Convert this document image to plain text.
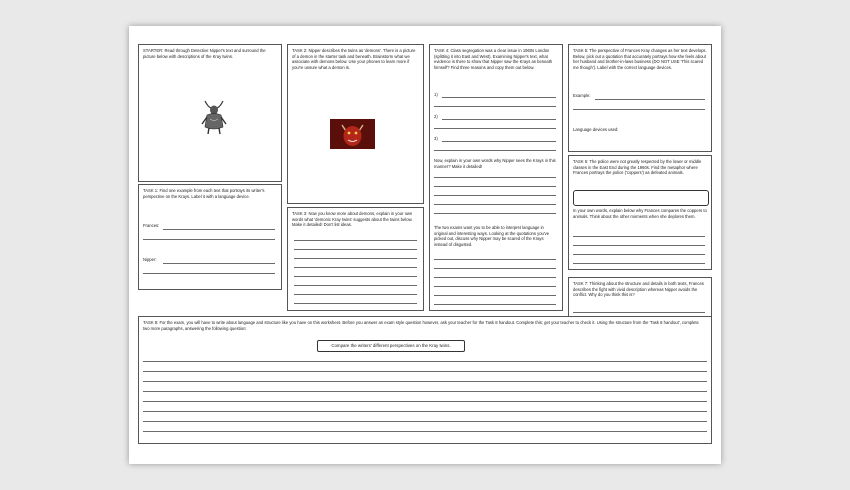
STARTER: Read through Detective Nipper's text and surround the picture below with descriptions of the Kray twins.
TASK 1: Find one example from each text that portrays its writer's perspective on the Krays. Label it with a language device.
Frances:
Nipper:
TASK 2: Nipper describes the twins as 'demons'. There is a picture of a demon in the starter task and beneath. Brainstorm what we associate with demons below. Use your phones to learn more if you're unsure what a demon is.
TASK 3: Now you know more about demons, explain in your own words what 'demonic Kray twins' suggests about the twins below. Make it detailed! Don't list ideas.
TASK 4: Class segregation was a clear issue in 1960s London (splitting it into East and West). Examining Nipper's text, what evidence is there to show that Nipper saw the Krays as beneath himself? Find three reasons and copy them out below.
1)
2)
3)
Now, explain in your own words why Nipper sees the Krays in this manner? Make it detailed!
The two exams want you to be able to interpret language in original and interesting ways. Looking at the quotations you've picked out, discuss why Nipper may be scared of the Krays instead of disgusted.
TASK 5: The perspective of Frances Kray changes as her text develops. Below, pick out a quotation that accurately portrays how she feels about her husband and brother-in-laws business (DO NOT USE 'This scared me though'). Label with the correct language devices.
Example:
Language devices used:
TASK 6: The police were not greatly respected by the lower or middle classes in the East End during the 1960s. Find the metaphor where Frances portrays the police ('coppers') as defeated animals.
In your own words, explain below why Frances compares the coppers to animals. Think about the other moments when she deplores them.
TASK 7: Thinking about the structure and details in both texts, Frances describes the fight with vivid description whereas Nipper avoids the conflict. Why do you think this is?
TASK 8: For the exam, you will have to write about language and structure like you have on this worksheet. Before you answer an exam style question however, ask your teacher for the Task 8 handout. Complete this; get your teacher to check it. Using the structure from the 'Task 8 handout', complete two more paragraphs, answering the following question:
Compare the writers' different perspectives on the Kray twins.
